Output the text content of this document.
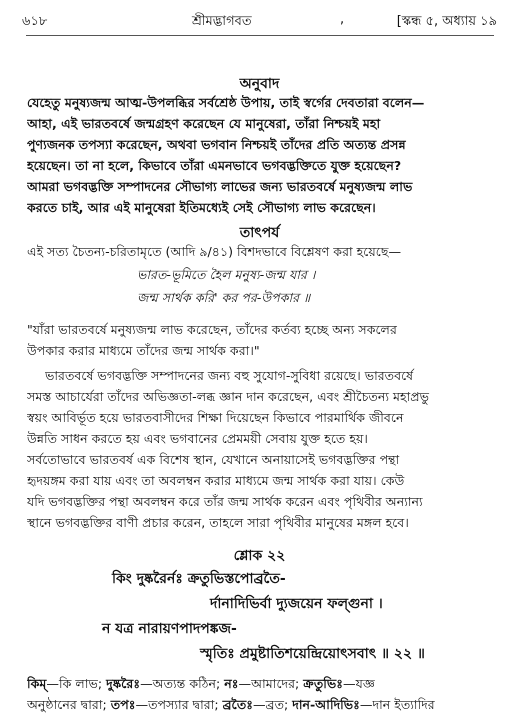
৬১৮	শ্রীমদ্ভাগবত	,	[স্কন্ধ ৫, অধ্যায় ১৯
অনুবাদ
যেহেতু মনুষ্যজন্ম আত্ম-উপলব্ধির সর্বশ্রেষ্ঠ উপায়, তাই স্বর্গের দেবতারা বলেন—
আহা, এই ভারতবর্ষে জন্মগ্রহণ করেছেন যে মানুষেরা, তাঁরা নিশ্চয়ই মহা
পুণ্যজনক তপস্যা করেছেন, অথবা ভগবান নিশ্চয়ই তাঁদের প্রতি অত্যন্ত প্রসন্ন
হয়েছেন। তা না হলে, কিভাবে তাঁরা এমনভাবে ভগবদ্ভক্তিতে যুক্ত হয়েছেন?
আমরা ভগবদ্ভক্তি সম্পাদনের সৌভাগ্য লাভের জন্য ভারতবর্ষে মনুষ্যজন্ম লাভ
করতে চাই, আর এই মানুষেরা ইতিমধ্যেই সেই সৌভাগ্য লাভ করেছেন।
তাৎপর্য
এই সত্য চৈতন্য-চরিতামৃতে (আদি ৯/৪১) বিশদভাবে বিশ্লেষণ করা হয়েছে—
ভারত-ভূমিতে হৈল মনুষ্য-জন্ম যার ।
জন্ম সার্থক করি' কর পর-উপকার ॥
"যাঁরা ভারতবর্ষে মনুষ্যজন্ম লাভ করেছেন, তাঁদের কর্তব্য হচ্ছে অন্য সকলের
উপকার করার মাধ্যমে তাঁদের জন্ম সার্থক করা।"
ভারতবর্ষে ভগবদ্ভক্তি সম্পাদনের জন্য বহু সুযোগ-সুবিধা রয়েছে। ভারতবর্ষে
সমস্ত আচার্যেরা তাঁদের অভিজ্ঞতা-লব্ধ জ্ঞান দান করেছেন, এবং শ্রীচৈতন্য মহাপ্রভু
স্বয়ং আবির্ভূত হয়ে ভারতবাসীদের শিক্ষা দিয়েছেন কিভাবে পারমার্থিক জীবনে
উন্নতি সাধন করতে হয় এবং ভগবানের প্রেমময়ী সেবায় যুক্ত হতে হয়।
সর্বতোভাবে ভারতবর্ষ এক বিশেষ স্থান, যেখানে অনায়াসেই ভগবদ্ভক্তির পন্থা
হৃদয়ঙ্গম করা যায় এবং তা অবলম্বন করার মাধ্যমে জন্ম সার্থক করা যায়। কেউ
যদি ভগবদ্ভক্তির পন্থা অবলম্বন করে তাঁর জন্ম সার্থক করেন এবং পৃথিবীর অন্যান্য
স্থানে ভগবদ্ভক্তির বাণী প্রচার করেন, তাহলে সারা পৃথিবীর মানুষের মঙ্গল হবে।
শ্লোক ২২
কিং দুষ্করৈর্নঃ ক্রতুভিস্তপোব্রতৈ-
র্দানাদিভির্বা দ্যুজয়েন ফল্গুনা ।
ন যত্র নারায়ণপাদপঙ্কজ-
স্মৃতিঃ প্রমুষ্টাতিশয়েন্দ্রিয়োৎসবাৎ ॥ ২২ ॥
কিম্—কি লাভ; দুষ্করৈঃ—অত্যন্ত কঠিন; নঃ—আমাদের; ক্রতুভিঃ—যজ্ঞ
অনুষ্ঠানের দ্বারা; তপঃ—তপস্যার দ্বারা; ব্রতৈঃ—ব্রত; দান-আদিভিঃ—দান ইত্যাদির
